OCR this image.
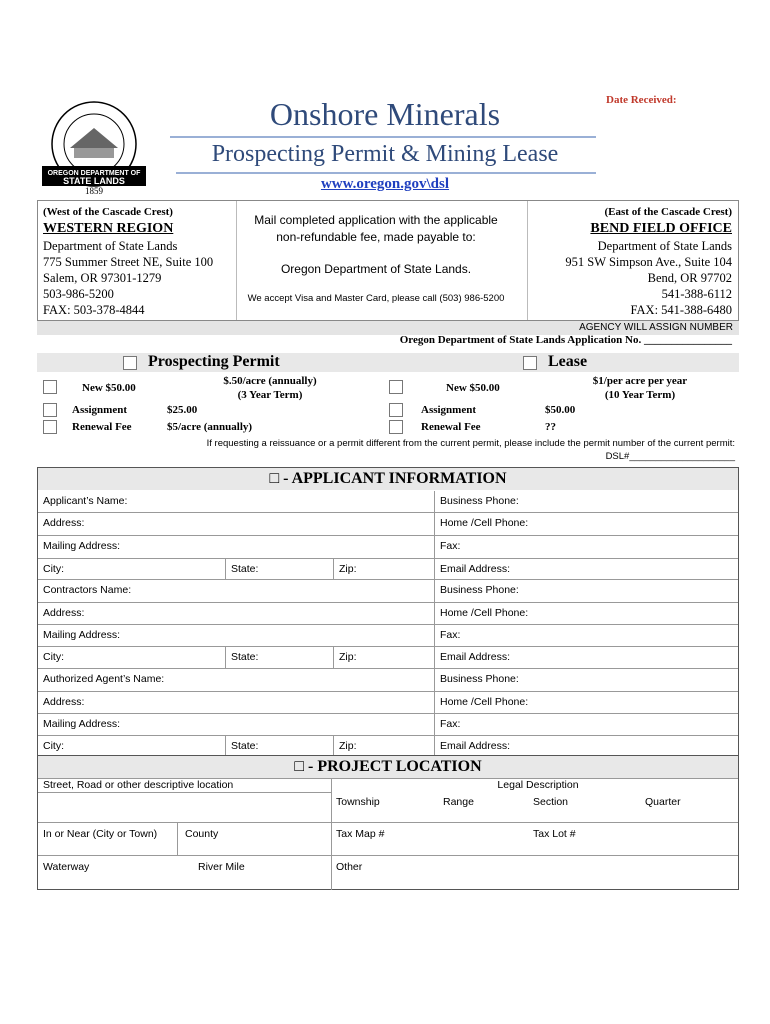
OREGON DEPARTMENT OF
STATE LANDS
1859
Onshore Minerals
Prospecting Permit & Mining Lease
www.oregon.gov\dsl
Date Received:
(West of the Cascade Crest)
WESTERN REGION
Department of State Lands
775 Summer Street NE, Suite 100
Salem, OR 97301-1279
503-986-5200
FAX: 503-378-4844
Mail completed application with the applicable
non-refundable fee, made payable to:
Oregon Department of State Lands.
We accept Visa and Master Card, please call (503) 986-5200
(East of the Cascade Crest)
BEND FIELD OFFICE
Department of State Lands
951 SW Simpson Ave., Suite 104
Bend, OR 97702
541-388-6112
FAX: 541-388-6480
AGENCY WILL ASSIGN NUMBER
Oregon Department of State Lands Application No. ________________
Prospecting Permit	Lease
New $50.00
$.50/acre (annually)
(3 Year Term)
Assignment	$25.00
Renewal Fee	$5/acre (annually)
New $50.00
$1/per acre per year
(10 Year Term)
Assignment	$50.00
Renewal Fee	??
If requesting a reissuance or a permit different from the current permit, please include the permit number of the current permit:
DSL#____________________
□ - APPLICANT INFORMATION
Applicant’s Name:	Business Phone:
Address:	Home /Cell Phone:
Mailing Address:	Fax:
City:	State:	Zip:	Email Address:
Contractors Name:	Business Phone:
Address:	Home /Cell Phone:
Mailing Address:	Fax:
City:	State:	Zip:	Email Address:
Authorized Agent’s Name:	Business Phone:
Address:	Home /Cell Phone:
Mailing Address:	Fax:
City:	State:	Zip:	Email Address:
□ - PROJECT LOCATION
Street, Road or other descriptive location	Legal Description
Township	Range	Section	Quarter
In or Near (City or Town)	County	Tax Map #	Tax Lot #
Waterway	River Mile	Other
